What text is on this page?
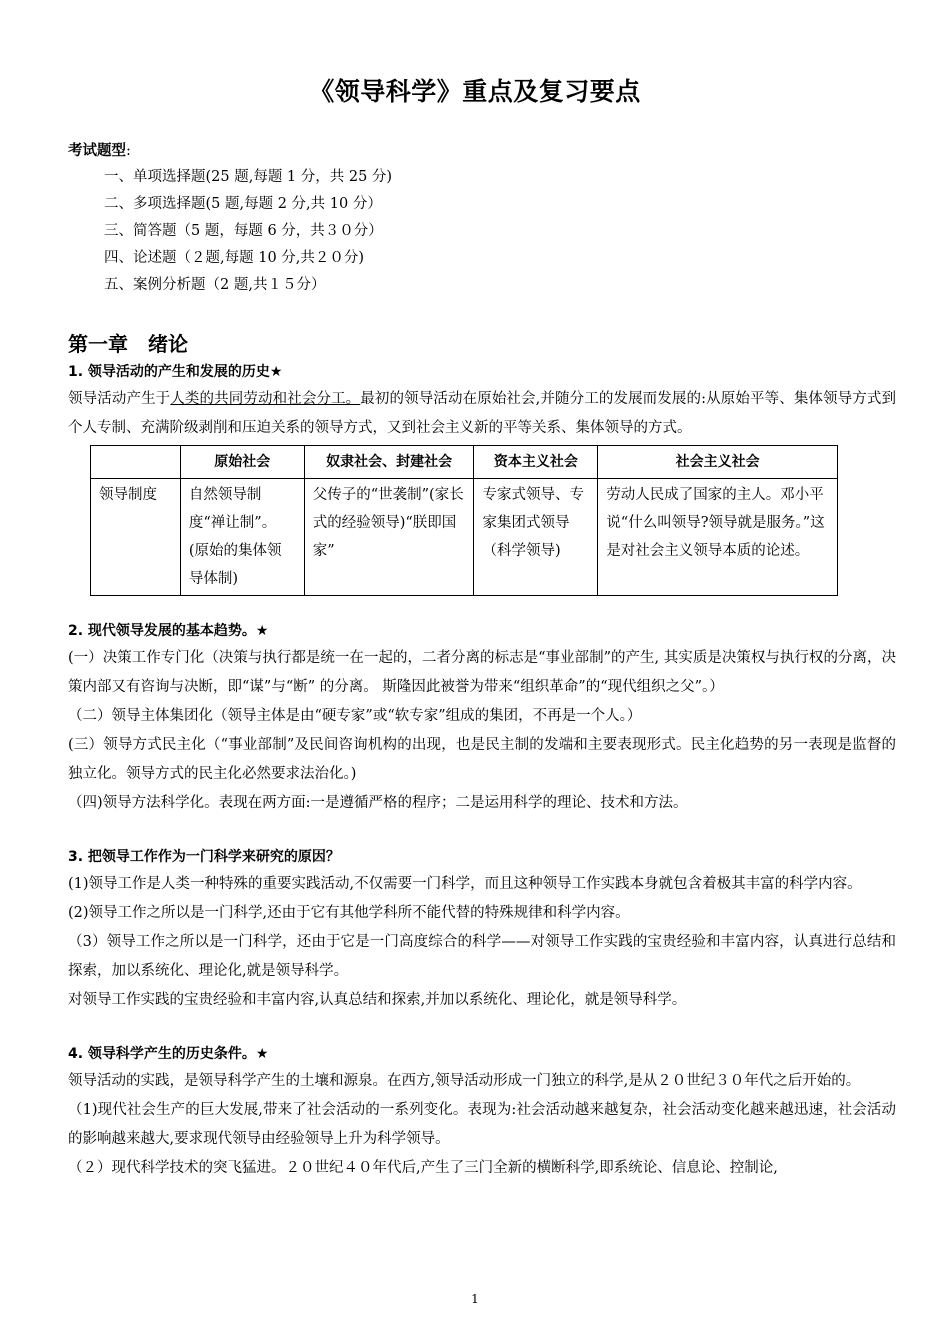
《领导科学》重点及复习要点

考试题型:

一、单项选择题(25 题,每题 1 分，共 25 分)

二、多项选择题(5 题,每题 2 分,共 10 分）

三、简答题（5 题，每题 6 分，共３０分）

四、论述题（２题,每题 10 分,共２０分)

五、案例分析题（2 题,共１５分）

第一章　绪论

1. 领导活动的产生和发展的历史★

领导活动产生于人类的共同劳动和社会分工。最初的领导活动在原始社会,并随分工的发展而发展的:从原始平等、集体领导方式到个人专制、充满阶级剥削和压迫关系的领导方式，又到社会主义新的平等关系、集体领导的方式。

	原始社会	奴隶社会、封建社会	资本主义社会	社会主义社会
领导制度	自然领导制度“禅让制”。(原始的集体领导体制)	父传子的“世袭制”(家长式的经验领导)“朕即国家”	专家式领导、专家集团式领导（科学领导)	劳动人民成了国家的主人。邓小平说“什么叫领导?领导就是服务。”这是对社会主义领导本质的论述。

2. 现代领导发展的基本趋势。★

(一）决策工作专门化（决策与执行都是统一在一起的，二者分离的标志是“事业部制”的产生, 其实质是决策权与执行权的分离，决策内部又有咨询与决断，即“谋”与“断” 的分离。 斯隆因此被誉为带来“组织革命”的“现代组织之父”。）

（二）领导主体集团化（领导主体是由“硬专家”或“软专家”组成的集团，不再是一个人。）

(三）领导方式民主化（“事业部制”及民间咨询机构的出现，也是民主制的发端和主要表现形式。民主化趋势的另一表现是监督的独立化。领导方式的民主化必然要求法治化。)

（四)领导方法科学化。表现在两方面:一是遵循严格的程序；二是运用科学的理论、技术和方法。

3. 把领导工作作为一门科学来研究的原因？

(1)领导工作是人类一种特殊的重要实践活动,不仅需要一门科学，而且这种领导工作实践本身就包含着极其丰富的科学内容。

(2)领导工作之所以是一门科学,还由于它有其他学科所不能代替的特殊规律和科学内容。

（3）领导工作之所以是一门科学，还由于它是一门高度综合的科学——对领导工作实践的宝贵经验和丰富内容，认真进行总结和探索，加以系统化、理论化,就是领导科学。

对领导工作实践的宝贵经验和丰富内容,认真总结和探索,并加以系统化、理论化，就是领导科学。

4. 领导科学产生的历史条件。★

领导活动的实践，是领导科学产生的土壤和源泉。在西方,领导活动形成一门独立的科学,是从２０世纪３０年代之后开始的。

（1)现代社会生产的巨大发展,带来了社会活动的一系列变化。表现为:社会活动越来越复杂，社会活动变化越来越迅速，社会活动的影响越来越大,要求现代领导由经验领导上升为科学领导。

（２）现代科学技术的突飞猛进。２０世纪４０年代后,产生了三门全新的横断科学,即系统论、信息论、控制论,

1
